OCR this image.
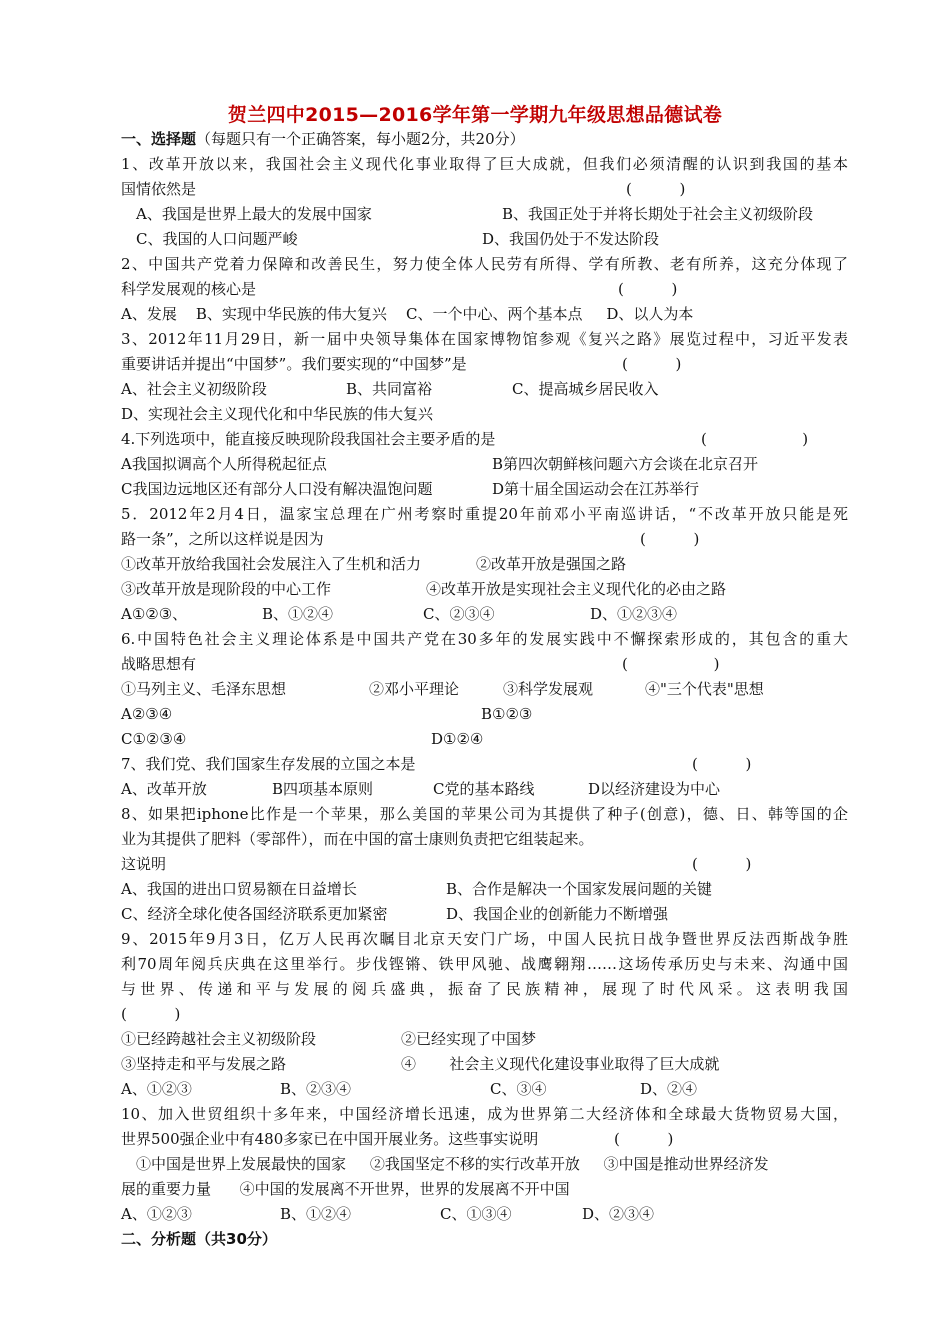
贺兰四中2015—2016学年第一学期九年级思想品德试卷
一、选择题（每题只有一个正确答案，每小题2分，共20分）
1、改革开放以来，我国社会主义现代化事业取得了巨大成就，但我们必须清醒的认识到我国的基本
国情依然是	(          )
A、我国是世界上最大的发展中国家	B、我国正处于并将长期处于社会主义初级阶段
C、我国的人口问题严峻	D、我国仍处于不发达阶段
2、中国共产党着力保障和改善民生，努力使全体人民劳有所得、学有所教、老有所养，这充分体现了
科学发展观的核心是	(          )
A、发展    B、实现中华民族的伟大复兴    C、一个中心、两个基本点     D、以人为本
3、2012年11月29日，新一届中央领导集体在国家博物馆参观《复兴之路》展览过程中，习近平发表
重要讲话并提出“中国梦”。我们要实现的“中国梦”是	(          )
A、社会主义初级阶段	B、共同富裕	C、提高城乡居民收入
D、实现社会主义现代化和中华民族的伟大复兴
4.下列选项中，能直接反映现阶段我国社会主要矛盾的是	(                    )
A我国拟调高个人所得税起征点	B第四次朝鲜核问题六方会谈在北京召开
C我国边远地区还有部分人口没有解决温饱问题	D第十届全国运动会在江苏举行
5．2012年2月4日，温家宝总理在广州考察时重提20年前邓小平南巡讲话，“不改革开放只能是死
路一条”，之所以这样说是因为	(          )
①改革开放给我国社会发展注入了生机和活力	②改革开放是强国之路
③改革开放是现阶段的中心工作	④改革开放是实现社会主义现代化的必由之路
A①②③、	B、①②④	C、②③④	D、①②③④
6.中国特色社会主义理论体系是中国共产党在30多年的发展实践中不懈探索形成的，其包含的重大
战略思想有	(                  )
①马列主义、毛泽东思想	②邓小平理论	③科学发展观	④"三个代表"思想
A②③④	B①②③
C①②③④	D①②④
7、我们党、我们国家生存发展的立国之本是	(          )
A、改革开放	B四项基本原则	C党的基本路线	D以经济建设为中心
8、如果把iphone比作是一个苹果，那么美国的苹果公司为其提供了种子(创意)，德、日、韩等国的企
业为其提供了肥料（零部件），而在中国的富士康则负责把它组装起来。
这说明	(          )
A、我国的进出口贸易额在日益增长	B、合作是解决一个国家发展问题的关键
C、经济全球化使各国经济联系更加紧密	D、我国企业的创新能力不断增强
9、2015年9月3日，亿万人民再次瞩目北京天安门广场，中国人民抗日战争暨世界反法西斯战争胜
利70周年阅兵庆典在这里举行。步伐铿锵、铁甲风驰、战鹰翱翔……这场传承历史与未来、沟通中国
与世界、传递和平与发展的阅兵盛典，振奋了民族精神，展现了时代风采。这表明我国
(          )
①已经跨越社会主义初级阶段	②已经实现了中国梦
③坚持走和平与发展之路	④       社会主义现代化建设事业取得了巨大成就
A、①②③	B、②③④	C、③④	D、②④
10、加入世贸组织十多年来，中国经济增长迅速，成为世界第二大经济体和全球最大货物贸易大国，
世界500强企业中有480多家已在中国开展业务。这些事实说明	(          )
①中国是世界上发展最快的国家     ②我国坚定不移的实行改革开放     ③中国是推动世界经济发
展的重要力量      ④中国的发展离不开世界，世界的发展离不开中国
A、①②③	B、①②④	C、①③④	D、②③④
二、分析题（共30分）
